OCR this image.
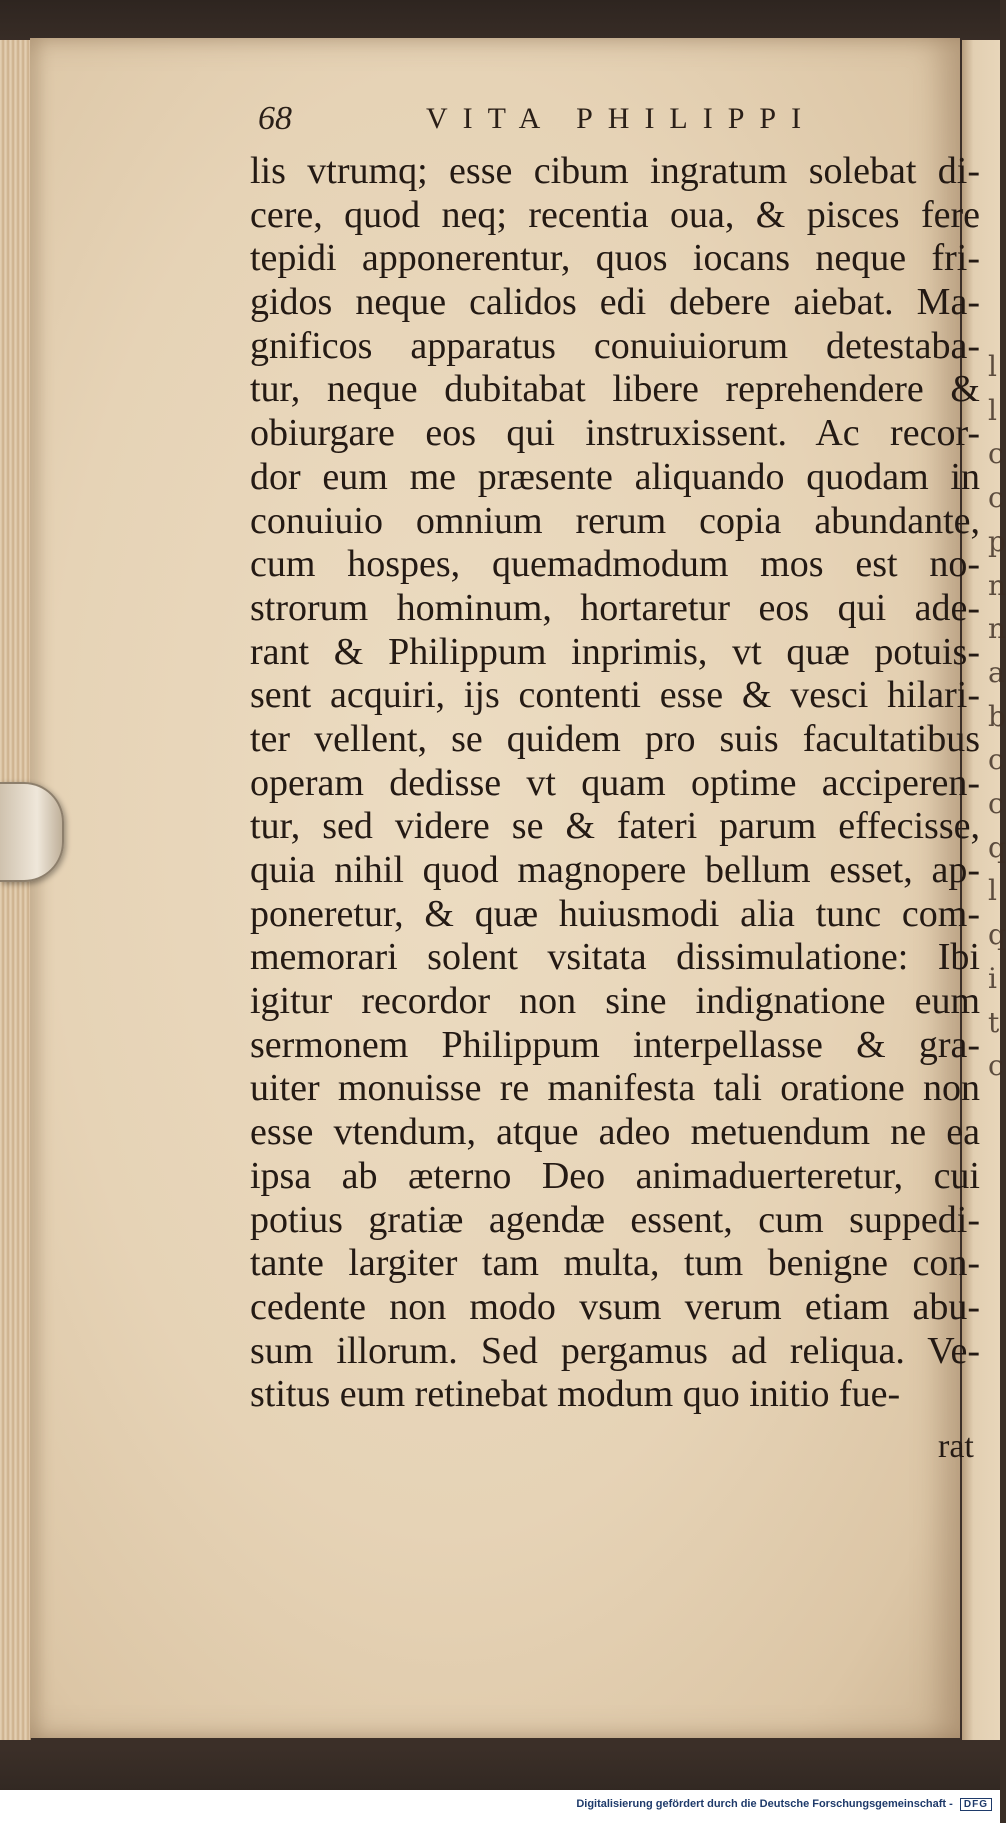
l
l
c
c
p
n
n
a
b
c
c
q
l
q
i
t
c
68	VITA PHILIPPI
lis vtrumq; esse cibum ingratum solebat di-
cere, quod neq; recentia oua, & pisces fere
tepidi apponerentur, quos iocans neque fri-
gidos neque calidos edi debere aiebat. Ma-
gnificos apparatus conuiuiorum detestaba-
tur, neque dubitabat libere reprehendere &
obiurgare eos qui instruxissent. Ac recor-
dor eum me præsente aliquando quodam in
conuiuio omnium rerum copia abundante,
cum hospes, quemadmodum mos est no-
strorum hominum, hortaretur eos qui ade-
rant & Philippum inprimis, vt quæ potuis-
sent acquiri, ijs contenti esse & vesci hilari-
ter vellent, se quidem pro suis facultatibus
operam dedisse vt quam optime acciperen-
tur, sed videre se & fateri parum effecisse,
quia nihil quod magnopere bellum esset, ap-
poneretur, & quæ huiusmodi alia tunc com-
memorari solent vsitata dissimulatione: Ibi
igitur recordor non sine indignatione eum
sermonem Philippum interpellasse & gra-
uiter monuisse re manifesta tali oratione non
esse vtendum, atque adeo metuendum ne ea
ipsa ab æterno Deo animaduerteretur, cui
potius gratiæ agendæ essent, cum suppedi-
tante largiter tam multa, tum benigne con-
cedente non modo vsum verum etiam abu-
sum illorum. Sed pergamus ad reliqua. Ve-
stitus eum retinebat modum quo initio fue-
rat
Digitalisierung gefördert durch die Deutsche Forschungsgemeinschaft - DFG
